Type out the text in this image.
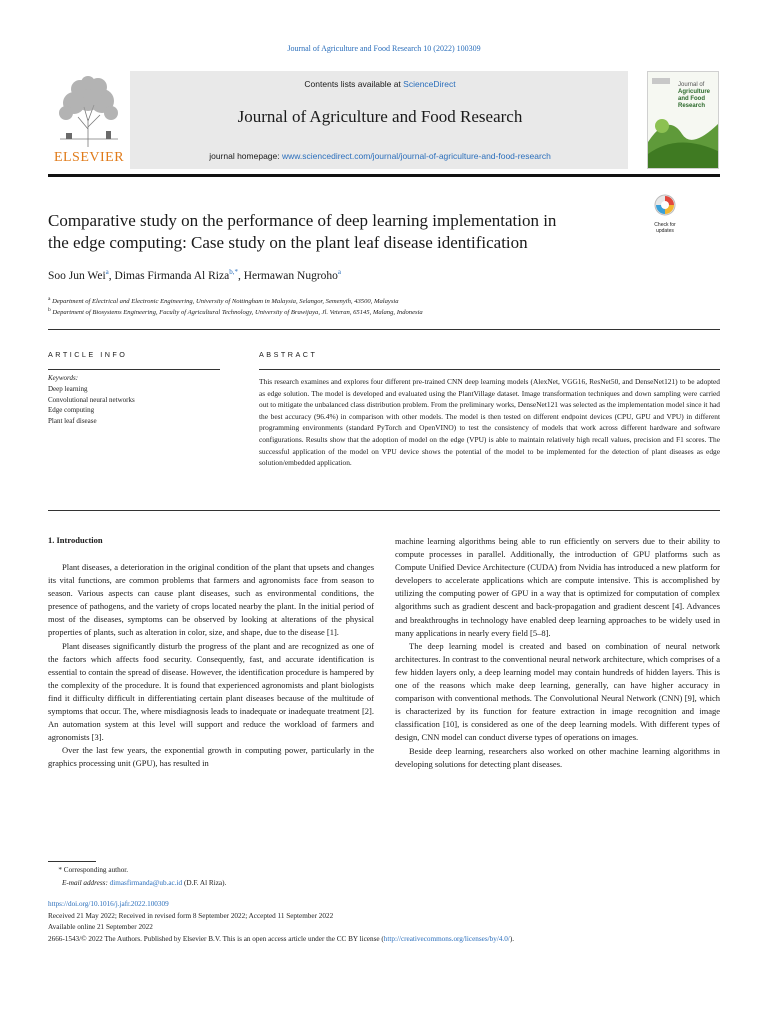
Journal of Agriculture and Food Research 10 (2022) 100309
ELSEVIER
Contents lists available at ScienceDirect
Journal of Agriculture and Food Research
journal homepage: www.sciencedirect.com/journal/journal-of-agriculture-and-food-research
Journal of
Agriculture
and Food
Research
Comparative study on the performance of deep learning implementation in
the edge computing: Case study on the plant leaf disease identification
Check for
updates
Soo Jun Wei$^a$, Dimas Firmanda Al Riza$^{b,*}$, Hermawan Nugroho$^a$
$^a$ Department of Electrical and Electronic Engineering, University of Nottingham in Malaysia, Selangor, Semenyih, 43500, Malaysia
$^b$ Department of Biosystems Engineering, Faculty of Agricultural Technology, University of Brawijaya, Jl. Veteran, 65145, Malang, Indonesia
ARTICLE INFO	ABSTRACT
Keywords:
Deep learning
Convolutional neural networks
Edge computing
Plant leaf disease
This research examines and explores four different pre-trained CNN deep learning models (AlexNet, VGG16, ResNet50, and DenseNet121) to be adopted as edge solution. The model is developed and evaluated using the PlantVillage dataset. Image transformation techniques and down sampling were carried out to mitigate the unbalanced class distribution problem. From the preliminary works, DenseNet121 was selected as the implementation model since it had the best accuracy (96.4%) in comparison with other models. The model is then tested on different endpoint devices (CPU, GPU and VPU) in different programming environments (standard PyTorch and OpenVINO) to test the consistency of models that work across different hardware and software configurations. Results show that the adoption of model on the edge (VPU) is able to maintain relatively high recall values, precision and F1 scores. The successful application of the model on VPU device shows the potential of the model to be implemented for the detection of plant diseases as edge solution/embedded application.
1. Introduction

Plant diseases, a deterioration in the original condition of the plant that upsets and changes its vital functions, are common problems that farmers and agronomists face from season to season. Various aspects can cause plant diseases, such as environmental conditions, the presence of pathogens, and the variety of crops located nearby the plant. In the initial period of most of the diseases, symptoms can be observed by looking at alterations of the physical properties of plants, such as alteration in color, size, and shape, due to the disease [1].

Plant diseases significantly disturb the progress of the plant and are recognized as one of the factors which affects food security. Consequently, fast, and accurate identification is essential to contain the spread of disease. However, the identification procedure is hampered by the complexity of the procedure. It is found that experienced agronomists and plant biologists find it difficulty difficult in differentiating certain plant diseases because of the multitude of symptoms that occur. The, where misdiagnosis leads to inadequate or inadequate treatment [2]. An automation system at this level will support and reduce the workload of farmers and agronomists [3].

Over the last few years, the exponential growth in computing power, particularly in the graphics processing unit (GPU), has resulted in

machine learning algorithms being able to run efficiently on servers due to their ability to compute processes in parallel. Additionally, the introduction of GPU platforms such as Compute Unified Device Architecture (CUDA) from Nvidia has introduced a new platform for developers to accelerate applications which are compute intensive. This is accomplished by utilizing the computing power of GPU in a way that is optimized for computation of complex algorithms such as gradient descent and back-propagation and gradient descent [4]. Advances and breakthroughs in technology have enabled deep learning approaches to be widely used in many applications in nearly every field [5–8].

The deep learning model is created and based on combination of neural network architectures. In contrast to the conventional neural network architecture, which comprises of a few hidden layers only, a deep learning model may contain hundreds of hidden layers. This is one of the reasons which make deep learning, generally, can have higher accuracy in comparison with conventional methods. The Convolutional Neural Network (CNN) [9], which is characterized by its function for feature extraction in image recognition and image classification [10], is considered as one of the deep learning models. With different types of design, CNN model can conduct diverse types of operations on images.

Beside deep learning, researchers also worked on other machine learning algorithms in developing solutions for detecting plant diseases.

* Corresponding author.
E-mail address: dimasfirmanda@ub.ac.id (D.F. Al Riza).
https://doi.org/10.1016/j.jafr.2022.100309
Received 21 May 2022; Received in revised form 8 September 2022; Accepted 11 September 2022
Available online 21 September 2022
2666-1543/© 2022 The Authors. Published by Elsevier B.V. This is an open access article under the CC BY license (http://creativecommons.org/licenses/by/4.0/).
